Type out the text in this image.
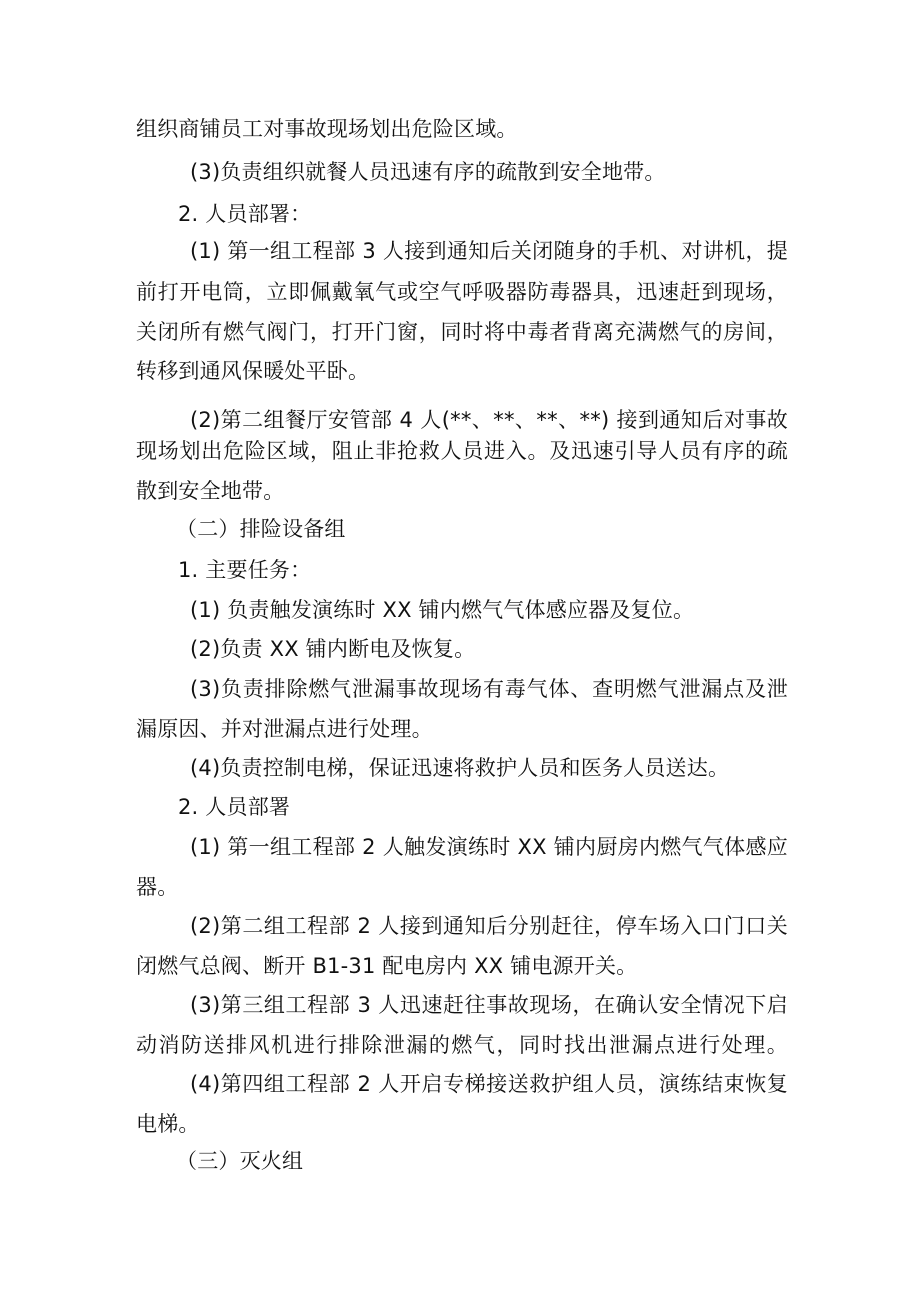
组织商铺员工对事故现场划出危险区域。
(3)负责组织就餐人员迅速有序的疏散到安全地带。
2. 人员部署：
(1) 第一组工程部 3 人接到通知后关闭随身的手机、对讲机，提
前打开电筒，立即佩戴氧气或空气呼吸器防毒器具，迅速赶到现场，
关闭所有燃气阀门，打开门窗，同时将中毒者背离充满燃气的房间，
转移到通风保暖处平卧。
(2)第二组餐厅安管部 4 人(**、**、**、**) 接到通知后对事故
现场划出危险区域，阻止非抢救人员进入。及迅速引导人员有序的疏
散到安全地带。
（二）排险设备组
1. 主要任务：
(1) 负责触发演练时 XX 铺内燃气气体感应器及复位。
(2)负责 XX 铺内断电及恢复。
(3)负责排除燃气泄漏事故现场有毒气体、查明燃气泄漏点及泄
漏原因、并对泄漏点进行处理。
(4)负责控制电梯，保证迅速将救护人员和医务人员送达。
2. 人员部署
(1) 第一组工程部 2 人触发演练时 XX 铺内厨房内燃气气体感应
器。
(2)第二组工程部 2 人接到通知后分别赶往，停车场入口门口关
闭燃气总阀、断开 B1-31 配电房内 XX 铺电源开关。
(3)第三组工程部 3 人迅速赶往事故现场，在确认安全情况下启
动消防送排风机进行排除泄漏的燃气，同时找出泄漏点进行处理。
(4)第四组工程部 2 人开启专梯接送救护组人员，演练结束恢复
电梯。
（三）灭火组
